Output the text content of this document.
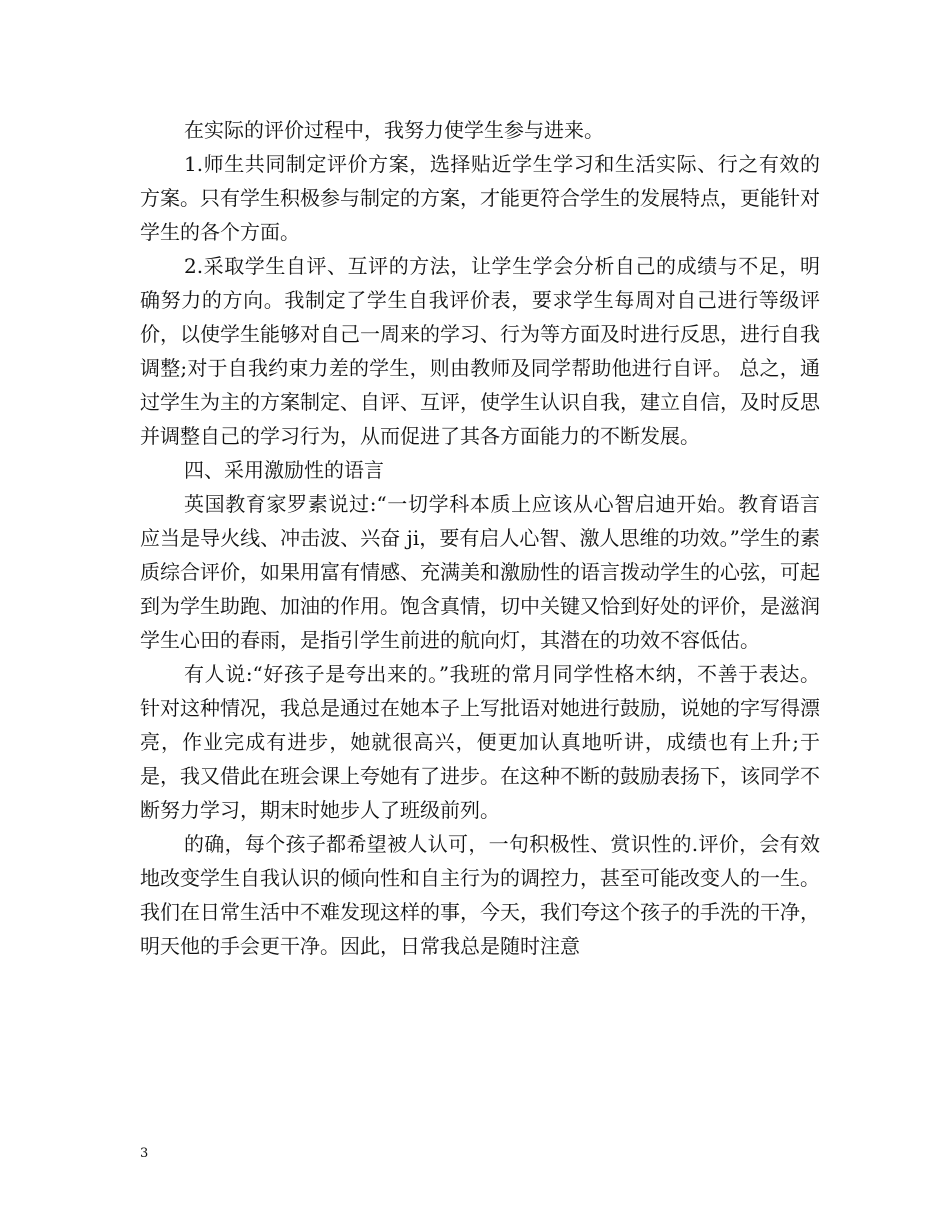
在实际的评价过程中，我努力使学生参与进来。

1.师生共同制定评价方案，选择贴近学生学习和生活实际、行之有效的方案。只有学生积极参与制定的方案，才能更符合学生的发展特点，更能针对学生的各个方面。

2.采取学生自评、互评的方法，让学生学会分析自己的成绩与不足，明确努力的方向。我制定了学生自我评价表，要求学生每周对自己进行等级评价，以使学生能够对自己一周来的学习、行为等方面及时进行反思，进行自我调整;对于自我约束力差的学生，则由教师及同学帮助他进行自评。 总之，通过学生为主的方案制定、自评、互评，使学生认识自我，建立自信，及时反思并调整自己的学习行为，从而促进了其各方面能力的不断发展。

四、采用激励性的语言

英国教育家罗素说过:“一切学科本质上应该从心智启迪开始。教育语言应当是导火线、冲击波、兴奋 ji，要有启人心智、激人思维的功效。”学生的素质综合评价，如果用富有情感、充满美和激励性的语言拨动学生的心弦，可起到为学生助跑、加油的作用。饱含真情，切中关键又恰到好处的评价，是滋润学生心田的春雨，是指引学生前进的航向灯，其潜在的功效不容低估。

有人说:“好孩子是夸出来的。”我班的常月同学性格木纳，不善于表达。针对这种情况，我总是通过在她本子上写批语对她进行鼓励，说她的字写得漂亮，作业完成有进步，她就很高兴，便更加认真地听讲，成绩也有上升;于是，我又借此在班会课上夸她有了进步。在这种不断的鼓励表扬下，该同学不断努力学习，期末时她步人了班级前列。

的确，每个孩子都希望被人认可，一句积极性、赏识性的.评价，会有效地改变学生自我认识的倾向性和自主行为的调控力，甚至可能改变人的一生。我们在日常生活中不难发现这样的事，今天，我们夸这个孩子的手洗的干净，明天他的手会更干净。因此，日常我总是随时注意

3
